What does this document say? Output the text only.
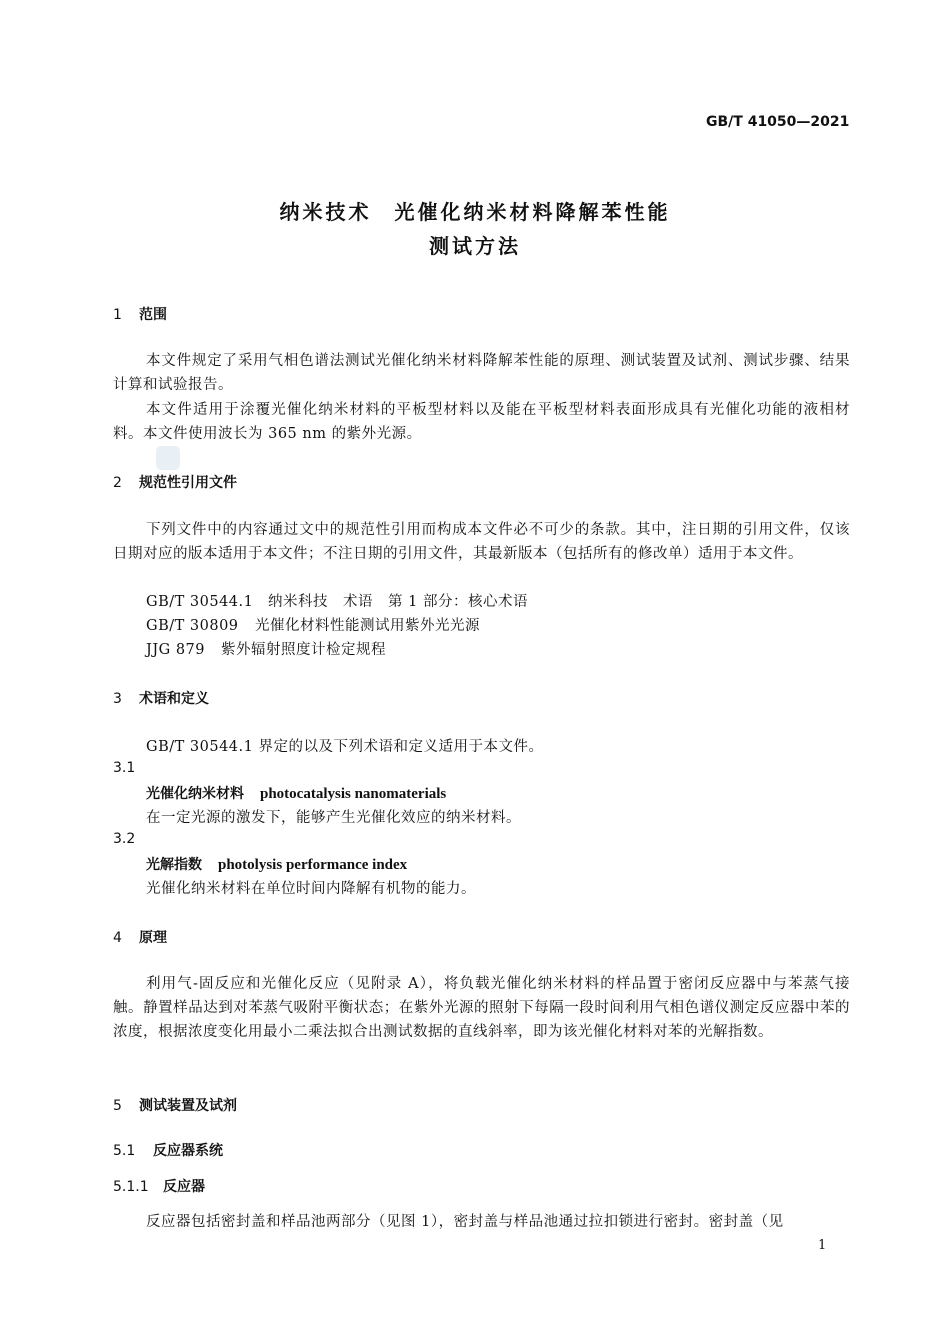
GB/T 41050—2021
纳米技术　光催化纳米材料降解苯性能
测试方法
1 范围
本文件规定了采用气相色谱法测试光催化纳米材料降解苯性能的原理、测试装置及试剂、测试步骤、结果计算和试验报告。
本文件适用于涂覆光催化纳米材料的平板型材料以及能在平板型材料表面形成具有光催化功能的液相材料。本文件使用波长为 365 nm 的紫外光源。
2 规范性引用文件
下列文件中的内容通过文中的规范性引用而构成本文件必不可少的条款。其中，注日期的引用文件，仅该日期对应的版本适用于本文件；不注日期的引用文件，其最新版本（包括所有的修改单）适用于本文件。
GB/T 30544.1 纳米科技　术语　第 1 部分：核心术语
GB/T 30809 光催化材料性能测试用紫外光光源
JJG 879 紫外辐射照度计检定规程
3 术语和定义
GB/T 30544.1 界定的以及下列术语和定义适用于本文件。
3.1
光催化纳米材料 photocatalysis nanomaterials
在一定光源的激发下，能够产生光催化效应的纳米材料。
3.2
光解指数 photolysis performance index
光催化纳米材料在单位时间内降解有机物的能力。
4 原理
利用气-固反应和光催化反应（见附录 A），将负载光催化纳米材料的样品置于密闭反应器中与苯蒸气接触。静置样品达到对苯蒸气吸附平衡状态；在紫外光源的照射下每隔一段时间利用气相色谱仪测定反应器中苯的浓度，根据浓度变化用最小二乘法拟合出测试数据的直线斜率，即为该光催化材料对苯的光解指数。
5 测试装置及试剂
5.1 反应器系统
5.1.1 反应器
反应器包括密封盖和样品池两部分（见图 1），密封盖与样品池通过拉扣锁进行密封。密封盖（见
1
